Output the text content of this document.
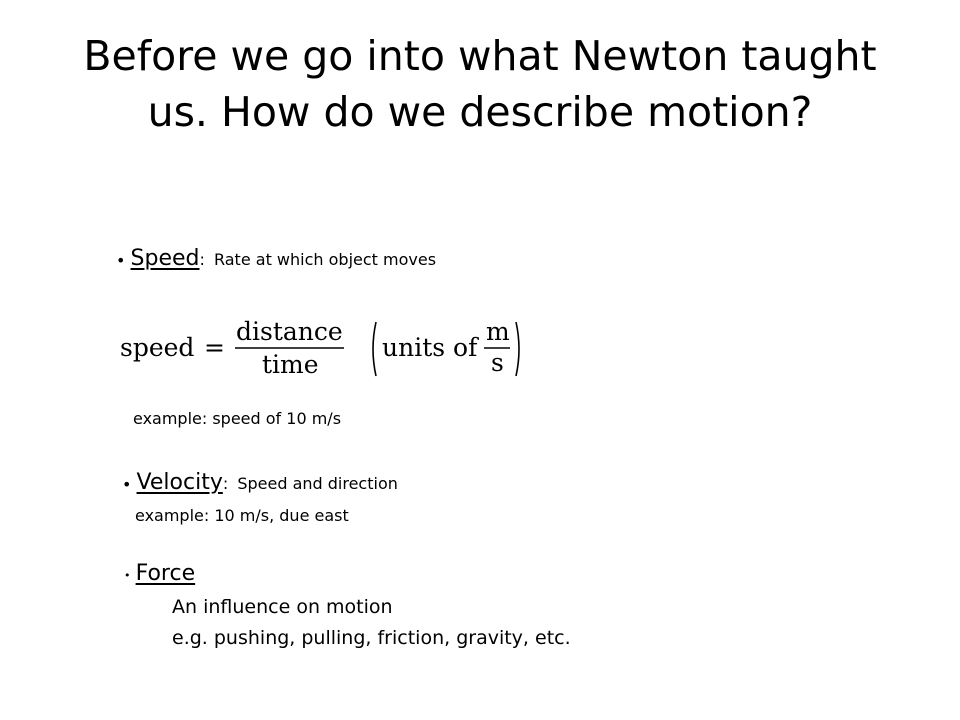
Before we go into what Newton taught
us. How do we describe motion?
• Speed: Rate at which object moves
speed =
distance
time
units of
m
s
example: speed of 10 m/s
• Velocity: Speed and direction
example: 10 m/s, due east
• Force
An influence on motion
e.g. pushing, pulling, friction, gravity, etc.
